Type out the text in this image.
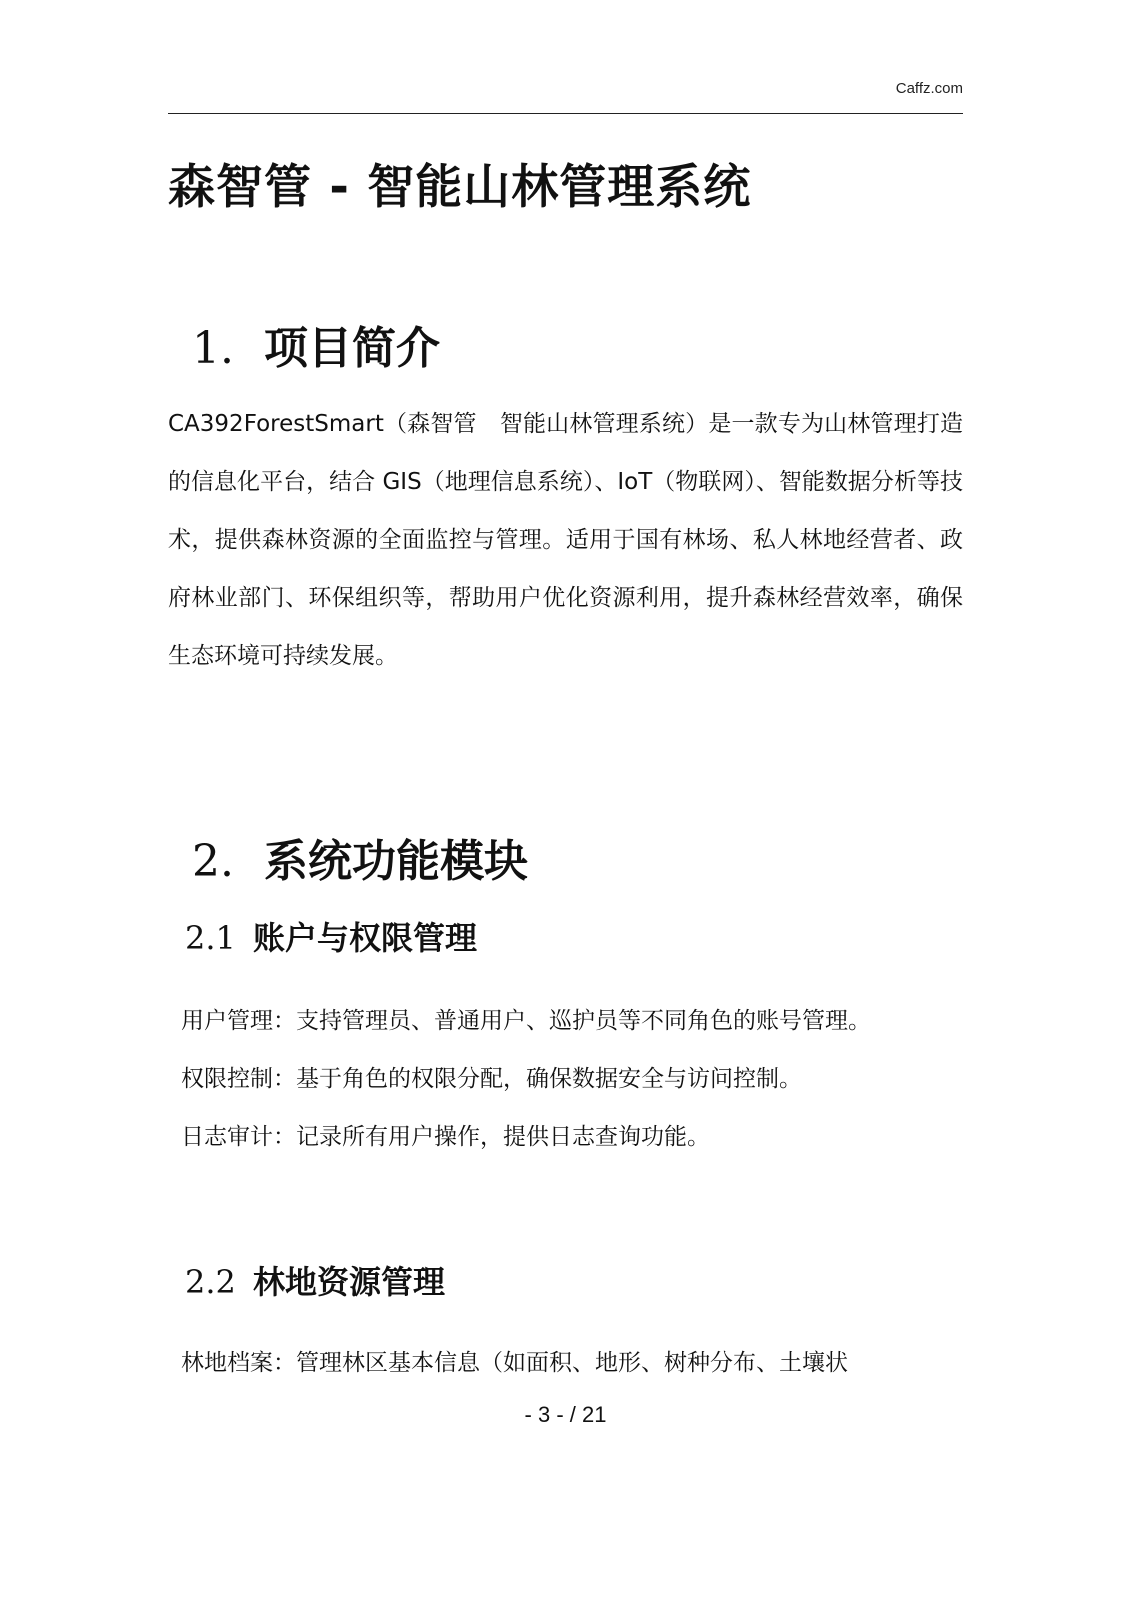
Caffz.com
森智管 - 智能山林管理系统
1. 项目简介

CA392ForestSmart（森智管　智能山林管理系统）是一款专为山林管理打造的信息化平台，结合 GIS（地理信息系统）、IoT（物联网）、智能数据分析等技术，提供森林资源的全面监控与管理。适用于国有林场、私人林地经营者、政府林业部门、环保组织等，帮助用户优化资源利用，提升森林经营效率，确保生态环境可持续发展。

2. 系统功能模块
2.1 账户与权限管理
用户管理：支持管理员、普通用户、巡护员等不同角色的账号管理。
权限控制：基于角色的权限分配，确保数据安全与访问控制。
日志审计：记录所有用户操作，提供日志查询功能。
2.2 林地资源管理
林地档案：管理林区基本信息（如面积、地形、树种分布、土壤状
- 3 - / 21
